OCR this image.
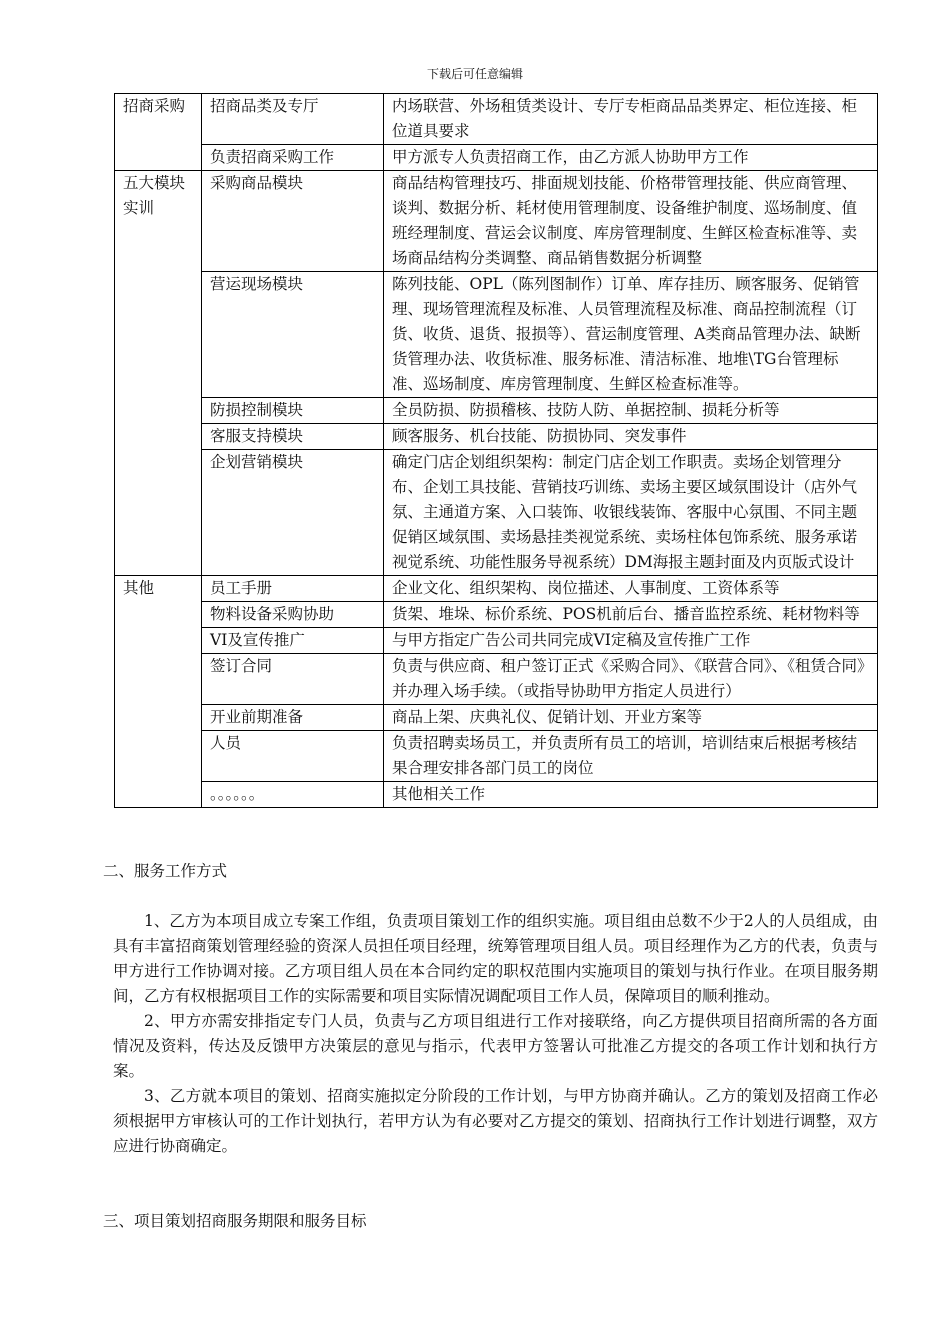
下载后可任意编辑
招商采购	招商品类及专厅	内场联营、外场租赁类设计、专厅专柜商品品类界定、柜位连接、柜位道具要求
	负责招商采购工作	甲方派专人负责招商工作，由乙方派人协助甲方工作
五大模块实训	采购商品模块	商品结构管理技巧、排面规划技能、价格带管理技能、供应商管理、谈判、数据分析、耗材使用管理制度、设备维护制度、巡场制度、值班经理制度、营运会议制度、库房管理制度、生鲜区检查标准等、卖场商品结构分类调整、商品销售数据分析调整
	营运现场模块	陈列技能、OPL（陈列图制作）订单、库存挂历、顾客服务、促销管理、现场管理流程及标准、人员管理流程及标准、商品控制流程（订货、收货、退货、报损等）、营运制度管理、A类商品管理办法、缺断货管理办法、收货标准、服务标准、清洁标准、地堆\TG台管理标准、巡场制度、库房管理制度、生鲜区检查标准等。
	防损控制模块	全员防损、防损稽核、技防人防、单据控制、损耗分析等
	客服支持模块	顾客服务、机台技能、防损协同、突发事件
	企划营销模块	确定门店企划组织架构：制定门店企划工作职责。卖场企划管理分布、企划工具技能、营销技巧训练、卖场主要区域氛围设计（店外气氛、主通道方案、入口装饰、收银线装饰、客服中心氛围、不同主题促销区域氛围、卖场悬挂类视觉系统、卖场柱体包饰系统、服务承诺视觉系统、功能性服务导视系统）DM海报主题封面及内页版式设计
其他	员工手册	企业文化、组织架构、岗位描述、人事制度、工资体系等
	物料设备采购协助	货架、堆垛、标价系统、POS机前后台、播音监控系统、耗材物料等
	VI及宣传推广	与甲方指定广告公司共同完成VI定稿及宣传推广工作
	签订合同	负责与供应商、租户签订正式《采购合同》、《联营合同》、《租赁合同》并办理入场手续。（或指导协助甲方指定人员进行）
	开业前期准备	商品上架、庆典礼仪、促销计划、开业方案等
	人员	负责招聘卖场员工，并负责所有员工的培训，培训结束后根据考核结果合理安排各部门员工的岗位
	。。。。。。	其他相关工作
二、服务工作方式

1、乙方为本项目成立专案工作组，负责项目策划工作的组织实施。项目组由总数不少于2人的人员组成，由具有丰富招商策划管理经验的资深人员担任项目经理，统筹管理项目组人员。项目经理作为乙方的代表，负责与甲方进行工作协调对接。乙方项目组人员在本合同约定的职权范围内实施项目的策划与执行作业。在项目服务期间，乙方有权根据项目工作的实际需要和项目实际情况调配项目工作人员，保障项目的顺利推动。

2、甲方亦需安排指定专门人员，负责与乙方项目组进行工作对接联络，向乙方提供项目招商所需的各方面情况及资料，传达及反馈甲方决策层的意见与指示，代表甲方签署认可批准乙方提交的各项工作计划和执行方案。

3、乙方就本项目的策划、招商实施拟定分阶段的工作计划，与甲方协商并确认。乙方的策划及招商工作必须根据甲方审核认可的工作计划执行，若甲方认为有必要对乙方提交的策划、招商执行工作计划进行调整，双方应进行协商确定。

三、项目策划招商服务期限和服务目标
